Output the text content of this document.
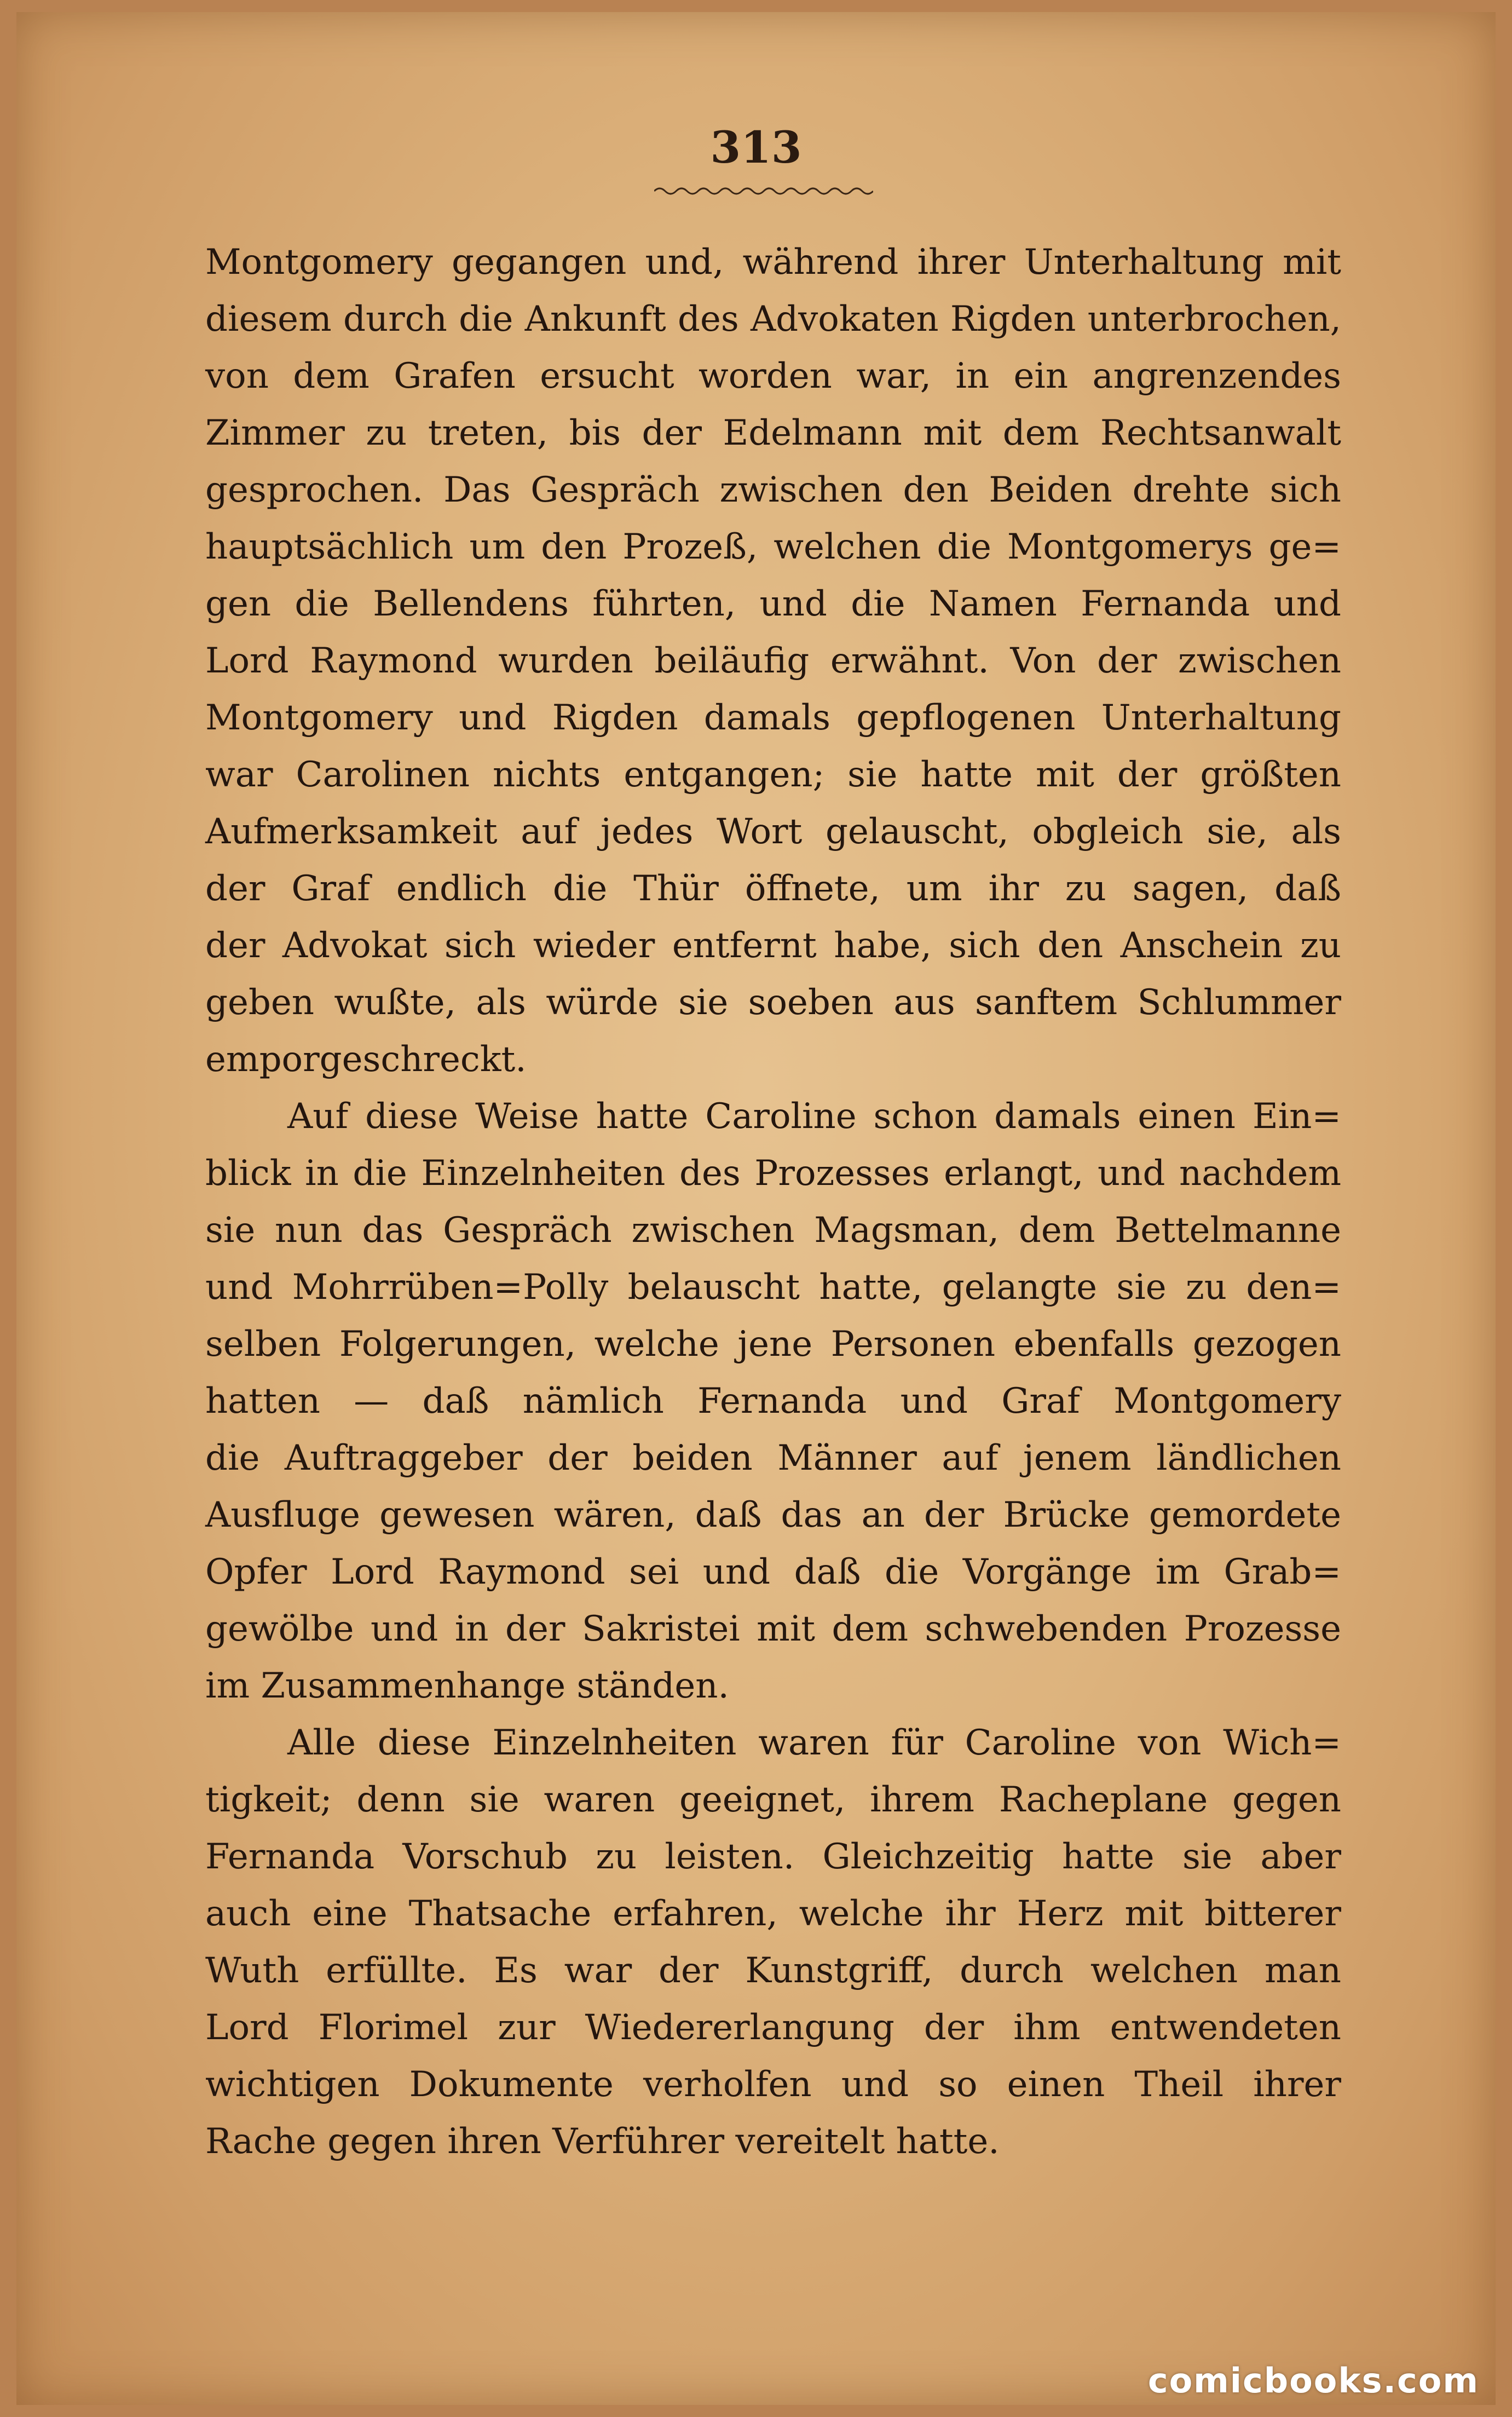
313
Montgomery gegangen und, während ihrer Unterhaltung mit
diesem durch die Ankunft des Advokaten Rigden unterbrochen,
von dem Grafen ersucht worden war, in ein angrenzendes
Zimmer zu treten, bis der Edelmann mit dem Rechtsanwalt
gesprochen. Das Gespräch zwischen den Beiden drehte sich
hauptsächlich um den Prozeß, welchen die Montgomerys ge=
gen die Bellendens führten, und die Namen Fernanda und
Lord Raymond wurden beiläufig erwähnt. Von der zwischen
Montgomery und Rigden damals gepflogenen Unterhaltung
war Carolinen nichts entgangen; sie hatte mit der größten
Aufmerksamkeit auf jedes Wort gelauscht, obgleich sie, als
der Graf endlich die Thür öffnete, um ihr zu sagen, daß
der Advokat sich wieder entfernt habe, sich den Anschein zu
geben wußte, als würde sie soeben aus sanftem Schlummer
emporgeschreckt.
Auf diese Weise hatte Caroline schon damals einen Ein=
blick in die Einzelnheiten des Prozesses erlangt, und nachdem
sie nun das Gespräch zwischen Magsman, dem Bettelmanne
und Mohrrüben=Polly belauscht hatte, gelangte sie zu den=
selben Folgerungen, welche jene Personen ebenfalls gezogen
hatten — daß nämlich Fernanda und Graf Montgomery
die Auftraggeber der beiden Männer auf jenem ländlichen
Ausfluge gewesen wären, daß das an der Brücke gemordete
Opfer Lord Raymond sei und daß die Vorgänge im Grab=
gewölbe und in der Sakristei mit dem schwebenden Prozesse
im Zusammenhange ständen.
Alle diese Einzelnheiten waren für Caroline von Wich=
tigkeit; denn sie waren geeignet, ihrem Racheplane gegen
Fernanda Vorschub zu leisten. Gleichzeitig hatte sie aber
auch eine Thatsache erfahren, welche ihr Herz mit bitterer
Wuth erfüllte. Es war der Kunstgriff, durch welchen man
Lord Florimel zur Wiedererlangung der ihm entwendeten
wichtigen Dokumente verholfen und so einen Theil ihrer
Rache gegen ihren Verführer vereitelt hatte.
comicbooks.com
